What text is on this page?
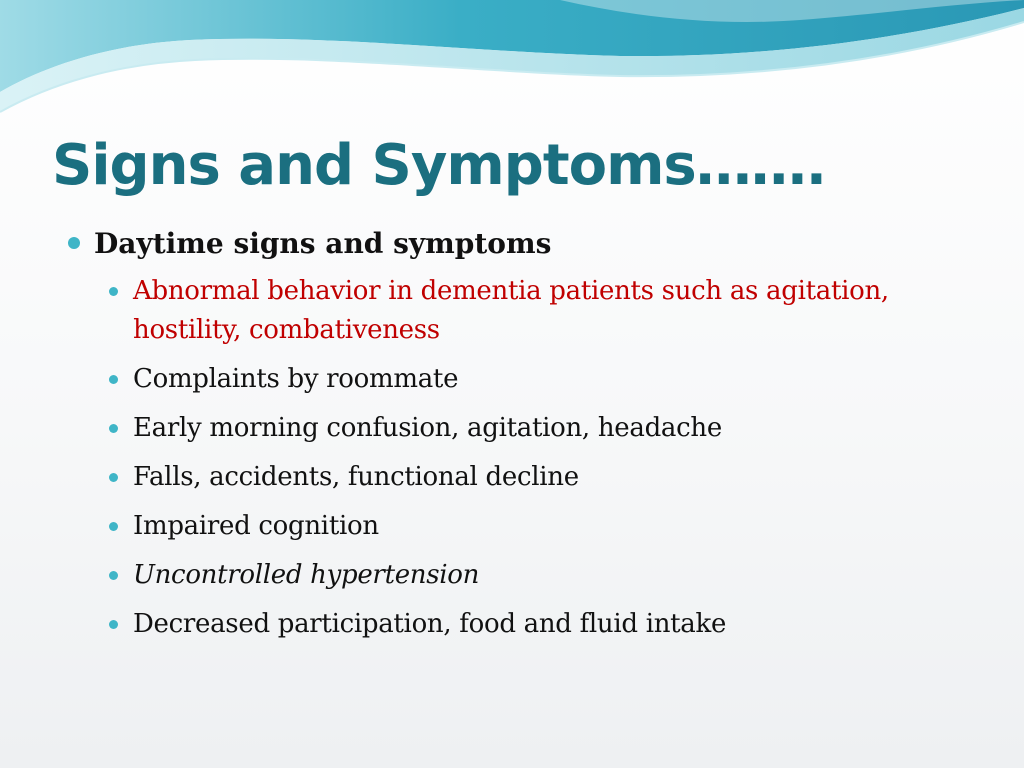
Signs and Symptoms…….
Daytime signs and symptoms
Abnormal behavior in dementia patients such as agitation, hostility, combativeness
Complaints by roommate
Early morning confusion, agitation, headache
Falls, accidents, functional decline
Impaired cognition
Uncontrolled hypertension
Decreased participation, food and fluid intake
